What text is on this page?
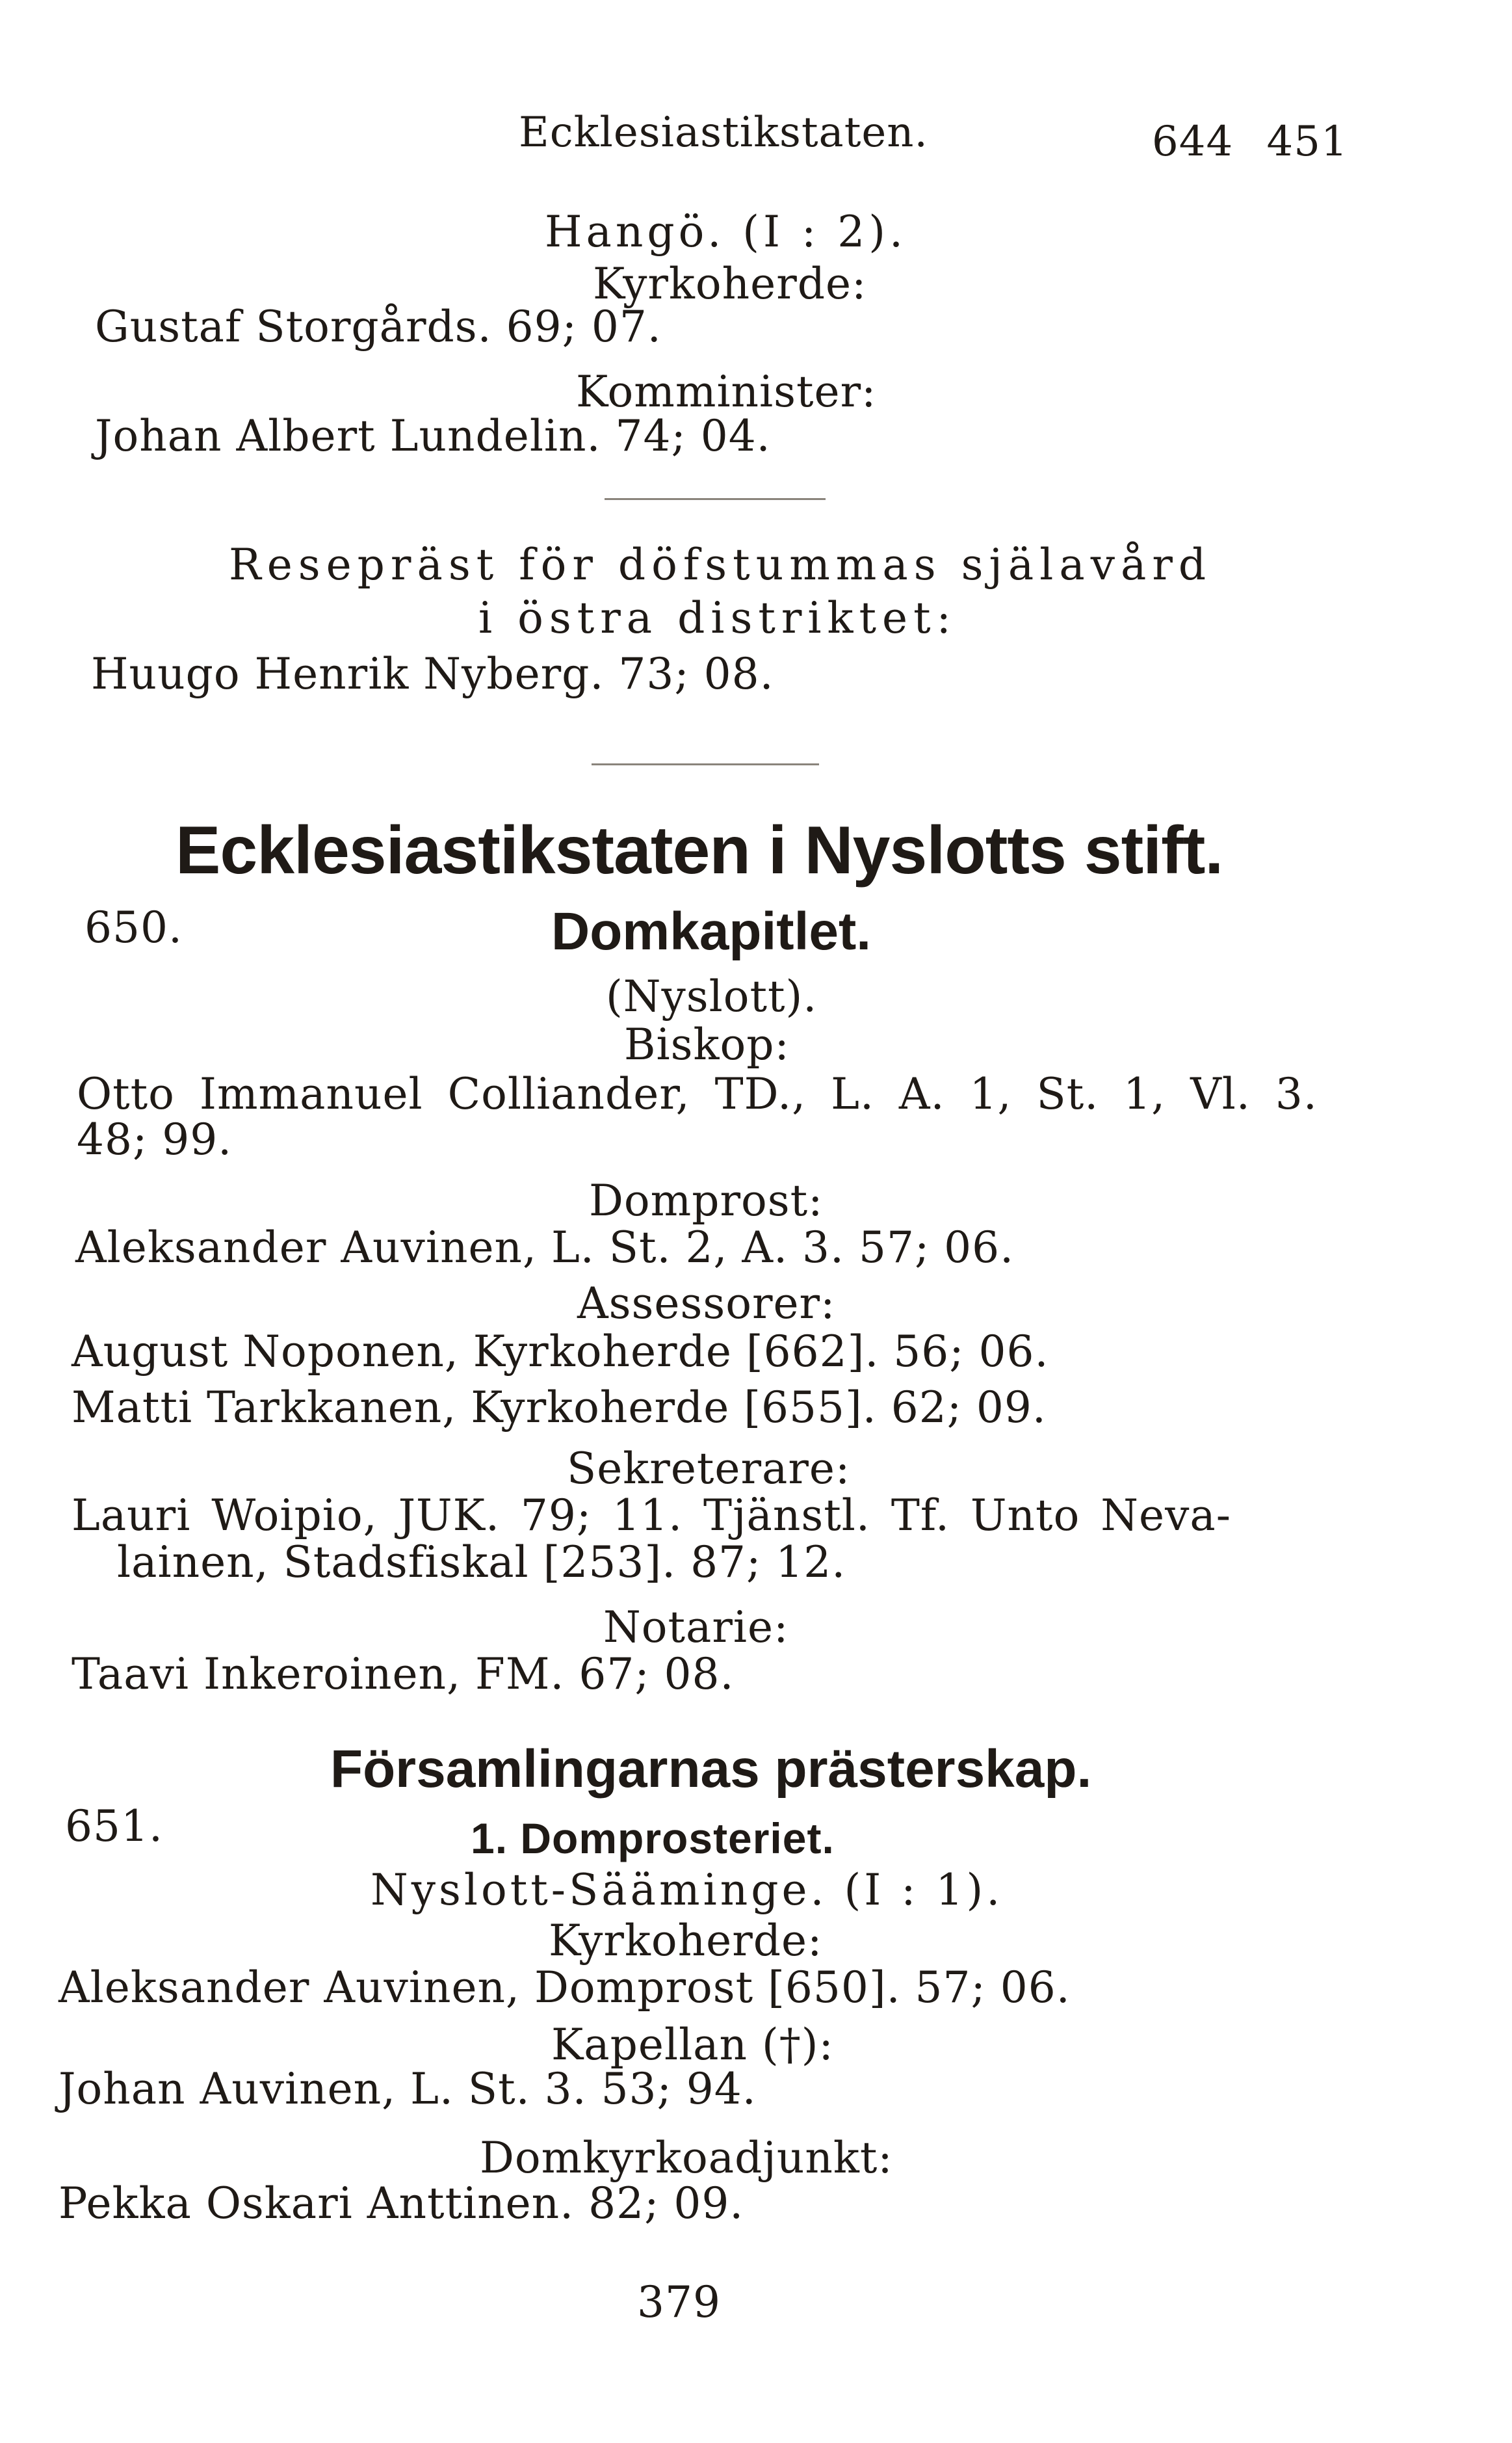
Ecklesiastikstaten.	644 451
Hangö. (I : 2).
Kyrkoherde:
Gustaf Storgårds. 69; 07.
Komminister:
Johan Albert Lundelin. 74; 04.
Resepräst för döfstummas själavård
i östra distriktet:
Huugo Henrik Nyberg. 73; 08.
Ecklesiastikstaten i Nyslotts stift.
650.	Domkapitlet.
(Nyslott).
Biskop:
Otto Immanuel Colliander, TD., L. A. 1, St. 1, Vl. 3.
48; 99.
Domprost:
Aleksander Auvinen, L. St. 2, A. 3. 57; 06.
Assessorer:
August Noponen, Kyrkoherde [662]. 56; 06.
Matti Tarkkanen, Kyrkoherde [655]. 62; 09.
Sekreterare:
Lauri Woipio, JUK. 79; 11. Tjänstl. Tf. Unto Neva-
lainen, Stadsfiskal [253]. 87; 12.
Notarie:
Taavi Inkeroinen, FM. 67; 08.
Församlingarnas prästerskap.
651.	1. Domprosteriet.
Nyslott-Sääminge. (I : 1).
Kyrkoherde:
Aleksander Auvinen, Domprost [650]. 57; 06.
Kapellan (†):
Johan Auvinen, L. St. 3. 53; 94.
Domkyrkoadjunkt:
Pekka Oskari Anttinen. 82; 09.
379
